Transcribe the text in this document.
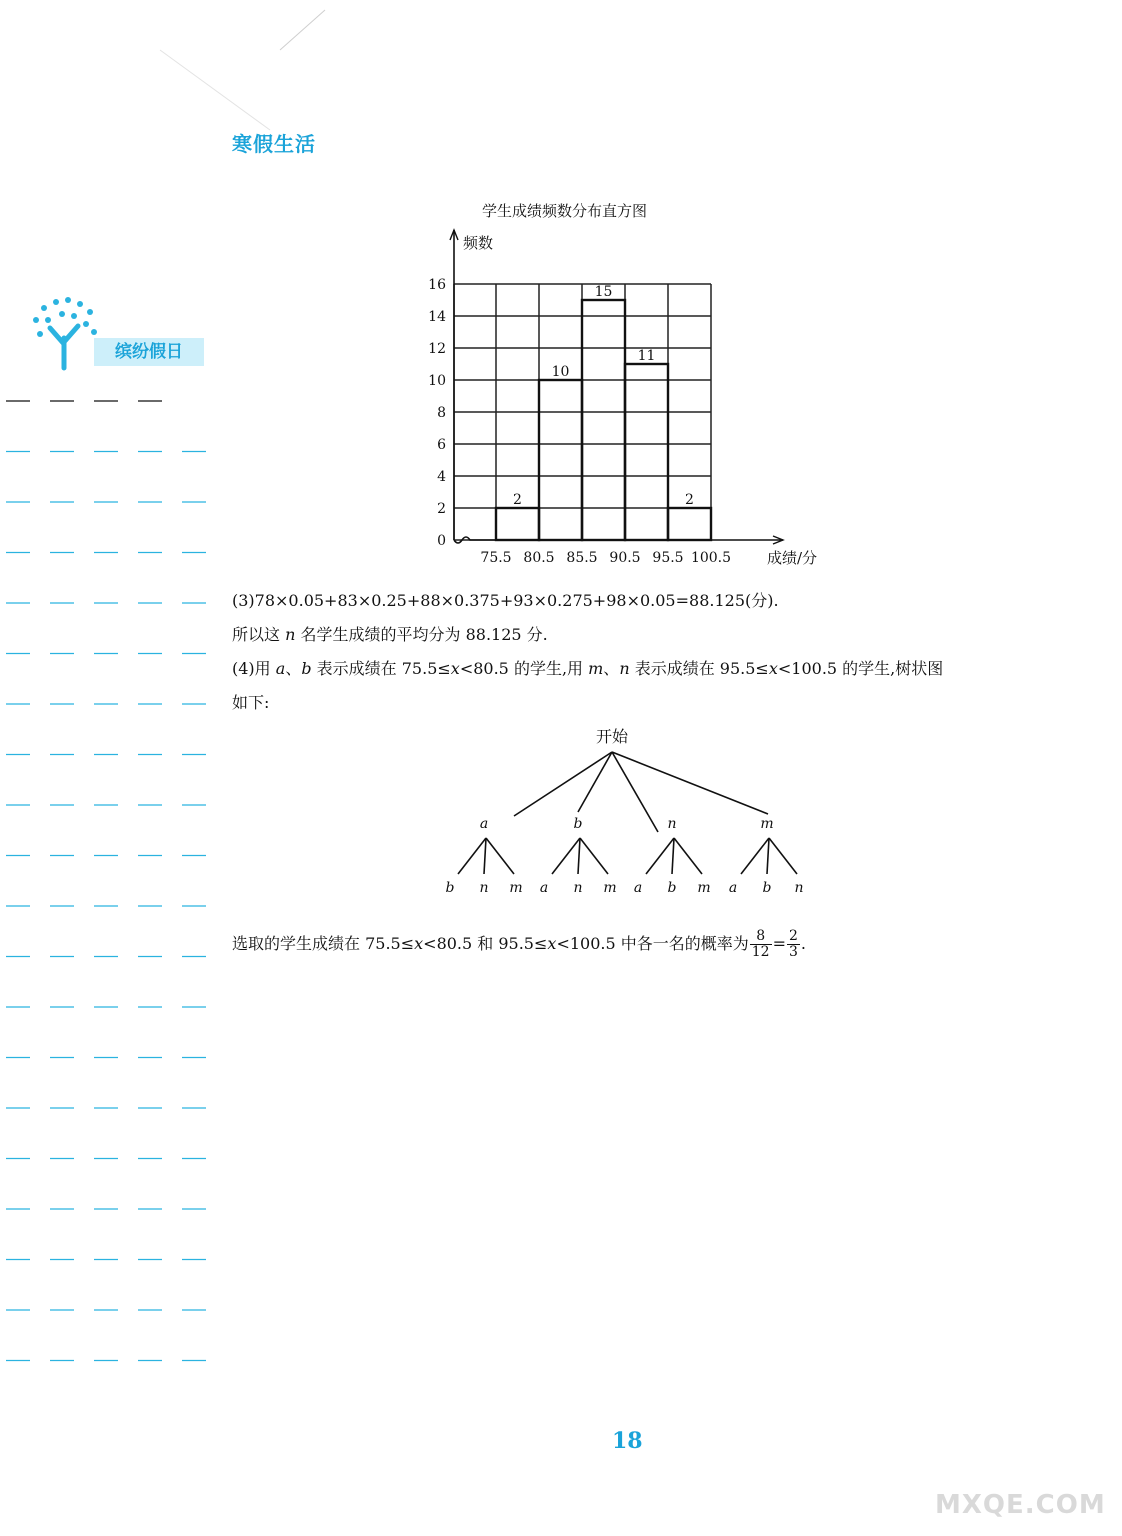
寒假生活
缤纷假日
学生成绩频数分布直方图
频数
2
10
15
11
2
0
2
4
6
8
10
12
14
16
75.5 80.5 85.5 90.5 95.5 100.5 成绩/分
(3)78×0.05+83×0.25+88×0.375+93×0.275+98×0.05=88.125(分).
所以这 n 名学生成绩的平均分为 88.125 分.
(4)用 a、b 表示成绩在 75.5≤x<80.5 的学生,用 m、n 表示成绩在 95.5≤x<100.5 的学生,树状图
如下:
开始
a
b n m
b
a n m
n
a b m
m
a b n
选取的学生成绩在 75.5≤x<80.5 和 95.5≤x<100.5 中各一名的概率为 $\frac{8}{12} = \frac{2}{3}$ .
18
MXQE.COM
